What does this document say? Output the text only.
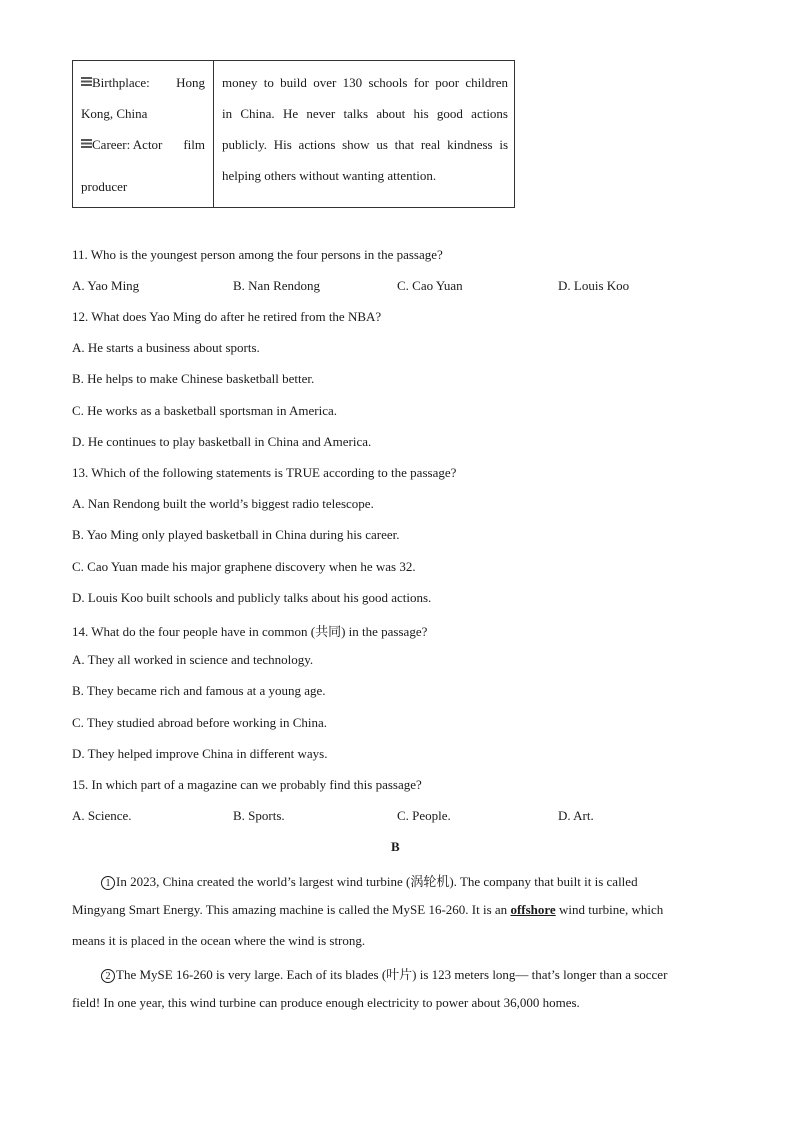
Birthplace: Hong
Kong, China
Career: Actor film
producer

money to build over 130 schools for poor children
in China. He never talks about his good actions
publicly. His actions show us that real kindness is
helping others without wanting attention.
11. Who is the youngest person among the four persons in the passage?
A. Yao Ming	B. Nan Rendong	C. Cao Yuan	D. Louis Koo
12. What does Yao Ming do after he retired from the NBA?
A. He starts a business about sports.
B. He helps to make Chinese basketball better.
C. He works as a basketball sportsman in America.
D. He continues to play basketball in China and America.
13. Which of the following statements is TRUE according to the passage?
A. Nan Rendong built the world’s biggest radio telescope.
B. Yao Ming only played basketball in China during his career.
C. Cao Yuan made his major graphene discovery when he was 32.
D. Louis Koo built schools and publicly talks about his good actions.
14. What do the four people have in common (共同) in the passage?
A. They all worked in science and technology.
B. They became rich and famous at a young age.
C. They studied abroad before working in China.
D. They helped improve China in different ways.
15. In which part of a magazine can we probably find this passage?
A. Science.	B. Sports.	C. People.	D. Art.
B
1 In 2023, China created the world’s largest wind turbine (涡轮机). The company that built it is called
Mingyang Smart Energy. This amazing machine is called the MySE 16-260. It is an offshore wind turbine, which
means it is placed in the ocean where the wind is strong.
2 The MySE 16-260 is very large. Each of its blades (叶片) is 123 meters long— that’s longer than a soccer
field! In one year, this wind turbine can produce enough electricity to power about 36,000 homes.
